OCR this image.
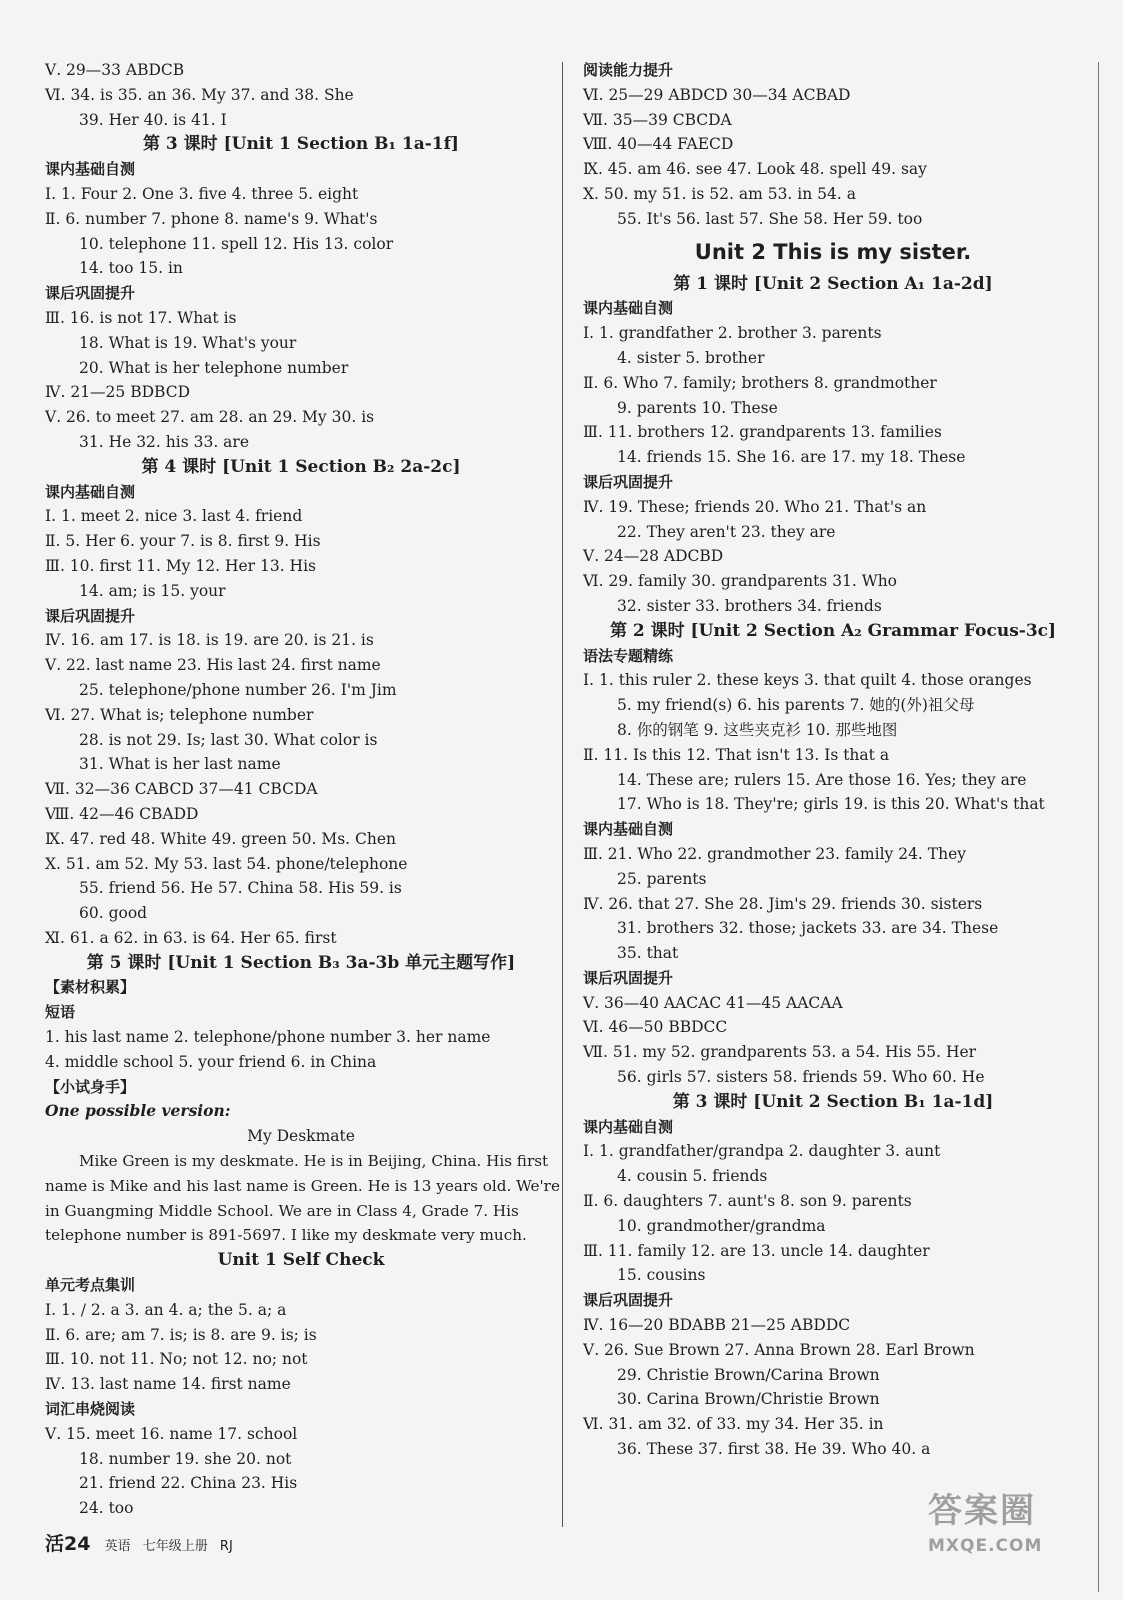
Ⅴ. 29—33 ABDCB
Ⅵ. 34. is 35. an 36. My 37. and 38. She
39. Her 40. is 41. I
第 3 课时 [Unit 1 Section B₁ 1a-1f]
课内基础自测
Ⅰ. 1. Four 2. One 3. five 4. three 5. eight
Ⅱ. 6. number 7. phone 8. name's 9. What's
10. telephone 11. spell 12. His 13. color
14. too 15. in
课后巩固提升
Ⅲ. 16. is not 17. What is
18. What is 19. What's your
20. What is her telephone number
Ⅳ. 21—25 BDBCD
Ⅴ. 26. to meet 27. am 28. an 29. My 30. is
31. He 32. his 33. are
第 4 课时 [Unit 1 Section B₂ 2a-2c]
课内基础自测
Ⅰ. 1. meet 2. nice 3. last 4. friend
Ⅱ. 5. Her 6. your 7. is 8. first 9. His
Ⅲ. 10. first 11. My 12. Her 13. His
14. am; is 15. your
课后巩固提升
Ⅳ. 16. am 17. is 18. is 19. are 20. is 21. is
Ⅴ. 22. last name 23. His last 24. first name
25. telephone/phone number 26. I'm Jim
Ⅵ. 27. What is; telephone number
28. is not 29. Is; last 30. What color is
31. What is her last name
Ⅶ. 32—36 CABCD 37—41 CBCDA
Ⅷ. 42—46 CBADD
Ⅸ. 47. red 48. White 49. green 50. Ms. Chen
Ⅹ. 51. am 52. My 53. last 54. phone/telephone
55. friend 56. He 57. China 58. His 59. is
60. good
Ⅺ. 61. a 62. in 63. is 64. Her 65. first
第 5 课时 [Unit 1 Section B₃ 3a-3b 单元主题写作]
【素材积累】
短语
1. his last name 2. telephone/phone number 3. her name
4. middle school 5. your friend 6. in China
【小试身手】
One possible version:
My Deskmate
Mike Green is my deskmate. He is in Beijing, China. His first
name is Mike and his last name is Green. He is 13 years old. We're
in Guangming Middle School. We are in Class 4, Grade 7. His
telephone number is 891-5697. I like my deskmate very much.
Unit 1 Self Check
单元考点集训
Ⅰ. 1. / 2. a 3. an 4. a; the 5. a; a
Ⅱ. 6. are; am 7. is; is 8. are 9. is; is
Ⅲ. 10. not 11. No; not 12. no; not
Ⅳ. 13. last name 14. first name
词汇串烧阅读
Ⅴ. 15. meet 16. name 17. school
18. number 19. she 20. not
21. friend 22. China 23. His
24. too
阅读能力提升
Ⅵ. 25—29 ABDCD 30—34 ACBAD
Ⅶ. 35—39 CBCDA
Ⅷ. 40—44 FAECD
Ⅸ. 45. am 46. see 47. Look 48. spell 49. say
Ⅹ. 50. my 51. is 52. am 53. in 54. a
55. It's 56. last 57. She 58. Her 59. too
Unit 2 This is my sister.
第 1 课时 [Unit 2 Section A₁ 1a-2d]
课内基础自测
Ⅰ. 1. grandfather 2. brother 3. parents
4. sister 5. brother
Ⅱ. 6. Who 7. family; brothers 8. grandmother
9. parents 10. These
Ⅲ. 11. brothers 12. grandparents 13. families
14. friends 15. She 16. are 17. my 18. These
课后巩固提升
Ⅳ. 19. These; friends 20. Who 21. That's an
22. They aren't 23. they are
Ⅴ. 24—28 ADCBD
Ⅵ. 29. family 30. grandparents 31. Who
32. sister 33. brothers 34. friends
第 2 课时 [Unit 2 Section A₂ Grammar Focus-3c]
语法专题精练
Ⅰ. 1. this ruler 2. these keys 3. that quilt 4. those oranges
5. my friend(s) 6. his parents 7. 她的(外)祖父母
8. 你的钢笔 9. 这些夹克衫 10. 那些地图
Ⅱ. 11. Is this 12. That isn't 13. Is that a
14. These are; rulers 15. Are those 16. Yes; they are
17. Who is 18. They're; girls 19. is this 20. What's that
课内基础自测
Ⅲ. 21. Who 22. grandmother 23. family 24. They
25. parents
Ⅳ. 26. that 27. She 28. Jim's 29. friends 30. sisters
31. brothers 32. those; jackets 33. are 34. These
35. that
课后巩固提升
Ⅴ. 36—40 AACAC 41—45 AACAA
Ⅵ. 46—50 BBDCC
Ⅶ. 51. my 52. grandparents 53. a 54. His 55. Her
56. girls 57. sisters 58. friends 59. Who 60. He
第 3 课时 [Unit 2 Section B₁ 1a-1d]
课内基础自测
Ⅰ. 1. grandfather/grandpa 2. daughter 3. aunt
4. cousin 5. friends
Ⅱ. 6. daughters 7. aunt's 8. son 9. parents
10. grandmother/grandma
Ⅲ. 11. family 12. are 13. uncle 14. daughter
15. cousins
课后巩固提升
Ⅳ. 16—20 BDABB 21—25 ABDDC
Ⅴ. 26. Sue Brown 27. Anna Brown 28. Earl Brown
29. Christie Brown/Carina Brown
30. Carina Brown/Christie Brown
Ⅵ. 31. am 32. of 33. my 34. Her 35. in
36. These 37. first 38. He 39. Who 40. a
活24 英语 七年级上册 RJ
答案圈
MXQE.COM
